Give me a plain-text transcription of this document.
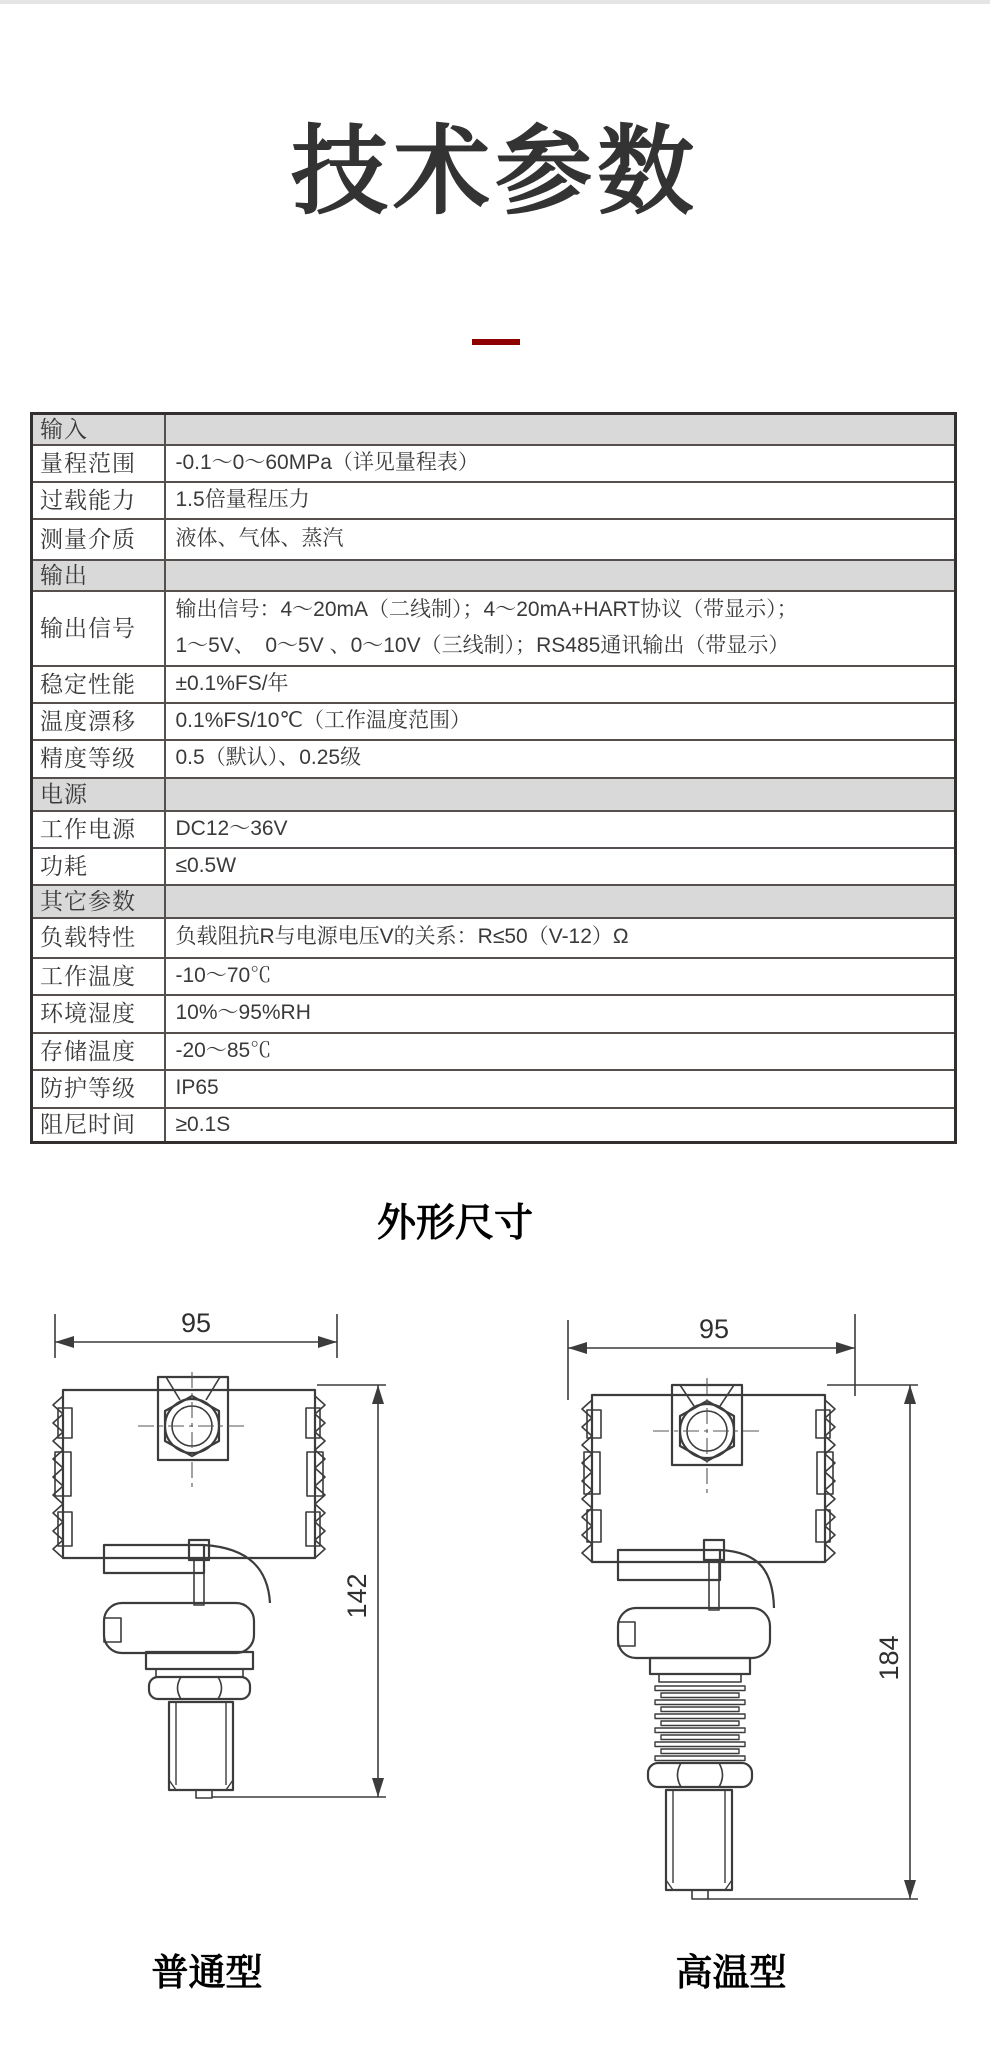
技术参数
输入	
量程范围	-0.1～0～60MPa（详见量程表）
过载能力	1.5倍量程压力
测量介质	液体、气体、蒸汽
输出	
输出信号	输出信号：4～20mA（二线制）；4～20mA+HART协议（带显示）；
1～5V、　0～5V 、0～10V（三线制）；RS485通讯输出（带显示）

稳定性能	±0.1%FS/年
温度漂移	0.1%FS/10℃（工作温度范围）
精度等级	0.5（默认）、0.25级
电源	
工作电源	DC12～36V
功耗	≤0.5W
其它参数	
负载特性	负载阻抗R与电源电压V的关系：R≤50（V-12）Ω
工作温度	-10～70℃
环境湿度	10%～95%RH
存储温度	-20～85℃
防护等级	IP65
阻尼时间	≥0.1S
外形尺寸
95
142
95
184
普通型	高温型
